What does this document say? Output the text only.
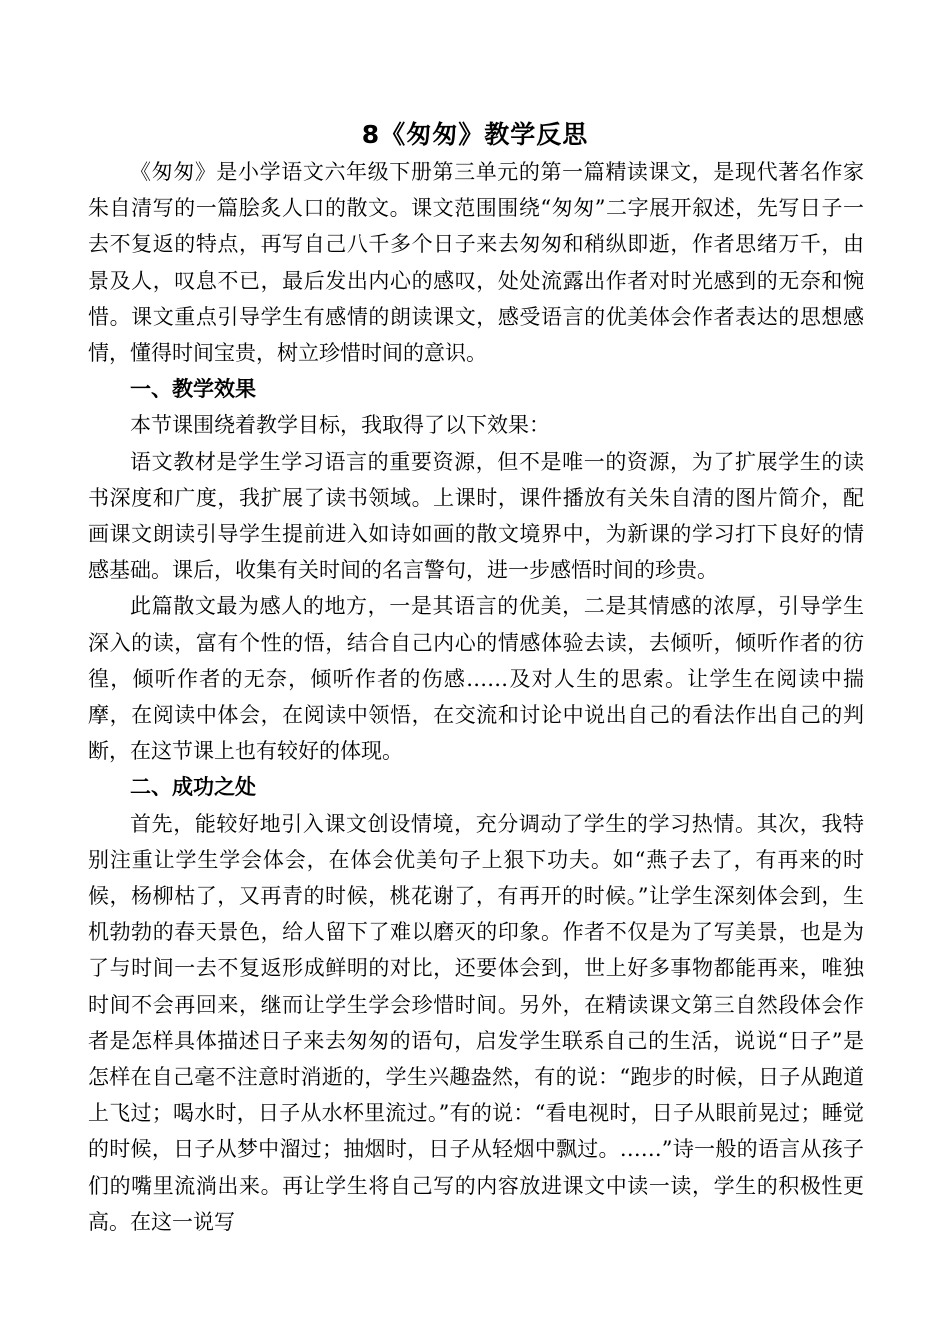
8《匆匆》教学反思

《匆匆》是小学语文六年级下册第三单元的第一篇精读课文，是现代著名作家朱自清写的一篇脍炙人口的散文。课文范围围绕“匆匆”二字展开叙述，先写日子一去不复返的特点，再写自己八千多个日子来去匆匆和稍纵即逝，作者思绪万千，由景及人，叹息不已，最后发出内心的感叹，处处流露出作者对时光感到的无奈和惋惜。课文重点引导学生有感情的朗读课文，感受语言的优美体会作者表达的思想感情，懂得时间宝贵，树立珍惜时间的意识。

一、教学效果

本节课围绕着教学目标，我取得了以下效果：

语文教材是学生学习语言的重要资源，但不是唯一的资源，为了扩展学生的读书深度和广度，我扩展了读书领域。上课时，课件播放有关朱自清的图片简介，配画课文朗读引导学生提前进入如诗如画的散文境界中，为新课的学习打下良好的情感基础。课后，收集有关时间的名言警句，进一步感悟时间的珍贵。

此篇散文最为感人的地方，一是其语言的优美，二是其情感的浓厚，引导学生深入的读，富有个性的悟，结合自己内心的情感体验去读，去倾听，倾听作者的彷徨，倾听作者的无奈，倾听作者的伤感……及对人生的思索。让学生在阅读中揣摩，在阅读中体会，在阅读中领悟，在交流和讨论中说出自己的看法作出自己的判断，在这节课上也有较好的体现。

二、成功之处

首先，能较好地引入课文创设情境，充分调动了学生的学习热情。其次，我特别注重让学生学会体会，在体会优美句子上狠下功夫。如“燕子去了，有再来的时候，杨柳枯了，又再青的时候，桃花谢了，有再开的时候。”让学生深刻体会到，生机勃勃的春天景色，给人留下了难以磨灭的印象。作者不仅是为了写美景，也是为了与时间一去不复返形成鲜明的对比，还要体会到，世上好多事物都能再来，唯独时间不会再回来，继而让学生学会珍惜时间。另外，在精读课文第三自然段体会作者是怎样具体描述日子来去匆匆的语句，启发学生联系自己的生活，说说“日子”是怎样在自己毫不注意时消逝的，学生兴趣盎然，有的说：“跑步的时候，日子从跑道上飞过；喝水时，日子从水杯里流过。”有的说：“看电视时，日子从眼前晃过；睡觉的时候，日子从梦中溜过；抽烟时，日子从轻烟中飘过。……”诗一般的语言从孩子们的嘴里流淌出来。再让学生将自己写的内容放进课文中读一读，学生的积极性更高。在这一说写
